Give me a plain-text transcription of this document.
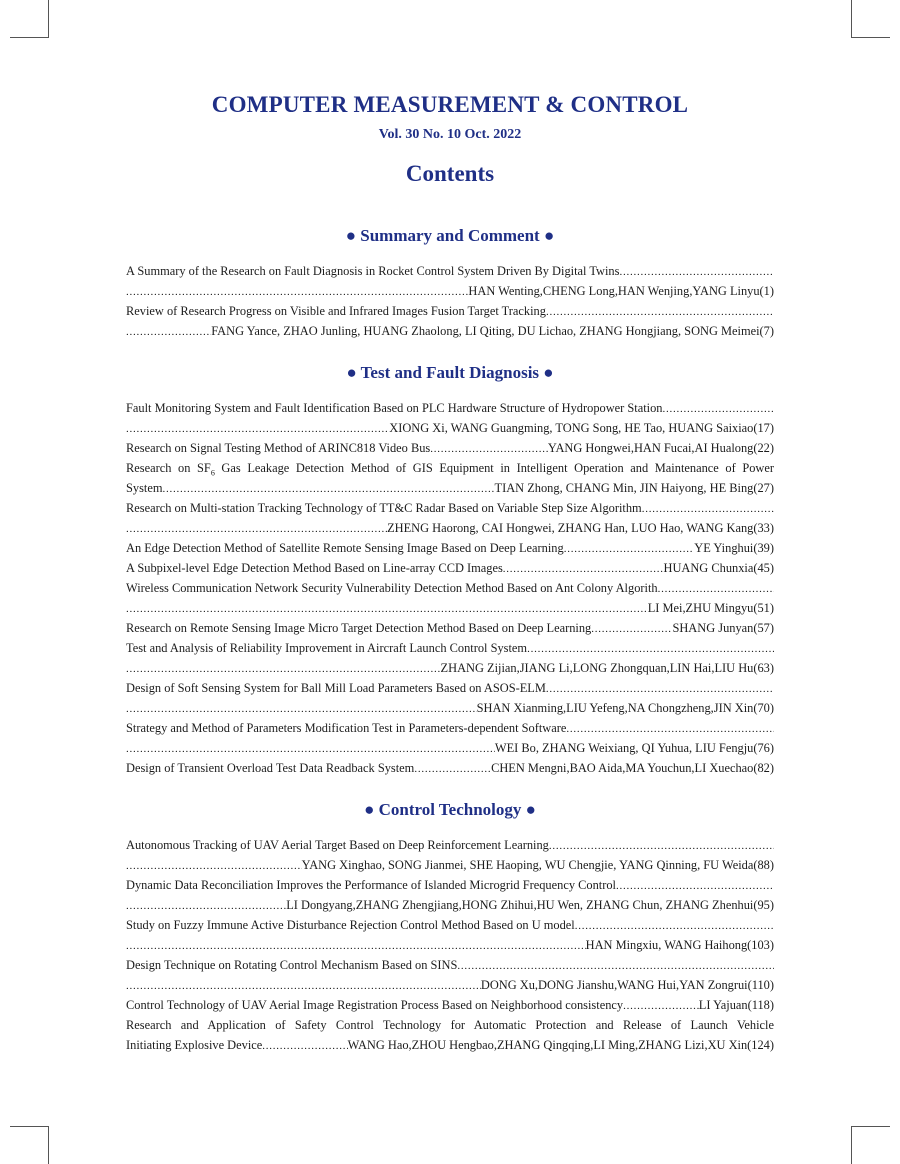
COMPUTER MEASUREMENT & CONTROL
Vol. 30 No. 10 Oct. 2022
Contents
● Summary and Comment ●
A Summary of the Research on Fault Diagnosis in Rocket Control System Driven By Digital Twins
. . .
. . .
HAN Wenting,CHENG Long,HAN Wenjing,YANG Linyu(1)
Review of Research Progress on Visible and Infrared Images Fusion Target Tracking
. . .
. . .
FANG Yance, ZHAO Junling, HUANG Zhaolong, LI Qiting, DU Lichao, ZHANG Hongjiang, SONG Meimei(7)
● Test and Fault Diagnosis ●
Fault Monitoring System and Fault Identification Based on PLC Hardware Structure of Hydropower Station
. . .
. . .
XIONG Xi, WANG Guangming, TONG Song, HE Tao, HUANG Saixiao(17)
Research on Signal Testing Method of ARINC818 Video Bus . . .	YANG Hongwei,HAN Fucai,AI Hualong(22)
Research on $SF_6$ Gas Leakage Detection Method of GIS Equipment in Intelligent Operation and Maintenance of Power
System . . .	TIAN Zhong, CHANG Min, JIN Haiyong, HE Bing(27)
Research on Multi-station Tracking Technology of TT&C Radar Based on Variable Step Size Algorithm
. . .
. . .
ZHENG Haorong, CAI Hongwei, ZHANG Han, LUO Hao, WANG Kang(33)
An Edge Detection Method of Satellite Remote Sensing Image Based on Deep Learning . . .	YE Yinghui(39)
A Subpixel-level Edge Detection Method Based on Line-array CCD Images . . .	HUANG Chunxia(45)
Wireless Communication Network Security Vulnerability Detection Method Based on Ant Colony Algorith
. . .
. . .
LI Mei,ZHU Mingyu(51)
Research on Remote Sensing Image Micro Target Detection Method Based on Deep Learning . . .	SHANG Junyan(57)
Test and Analysis of Reliability Improvement in Aircraft Launch Control System
. . .
. . .
ZHANG Zijian,JIANG Li,LONG Zhongquan,LIN Hai,LIU Hu(63)
Design of Soft Sensing System for Ball Mill Load Parameters Based on ASOS-ELM
. . .
. . .
SHAN Xianming,LIU Yefeng,NA Chongzheng,JIN Xin(70)
Strategy and Method of Parameters Modification Test in Parameters-dependent Software
. . .
. . .
WEI Bo, ZHANG Weixiang, QI Yuhua, LIU Fengju(76)
Design of Transient Overload Test Data Readback System . . .	CHEN Mengni,BAO Aida,MA Youchun,LI Xuechao(82)
● Control Technology ●
Autonomous Tracking of UAV Aerial Target Based on Deep Reinforcement Learning
. . .
. . .
YANG Xinghao, SONG Jianmei, SHE Haoping, WU Chengjie, YANG Qinning, FU Weida(88)
Dynamic Data Reconciliation Improves the Performance of Islanded Microgrid Frequency Control
. . .
. . .
LI Dongyang,ZHANG Zhengjiang,HONG Zhihui,HU Wen, ZHANG Chun, ZHANG Zhenhui(95)
Study on Fuzzy Immune Active Disturbance Rejection Control Method Based on U model
. . .
. . .
HAN Mingxiu, WANG Haihong(103)
Design Technique on Rotating Control Mechanism Based on SINS
. . .
. . .
DONG Xu,DONG Jianshu,WANG Hui,YAN Zongrui(110)
Control Technology of UAV Aerial Image Registration Process Based on Neighborhood consistency . . .	LI Yajuan(118)
Research and Application of Safety Control Technology for Automatic Protection and Release of Launch Vehicle
Initiating Explosive Device . . .	WANG Hao,ZHOU Hengbao,ZHANG Qingqing,LI Ming,ZHANG Lizi,XU Xin(124)
